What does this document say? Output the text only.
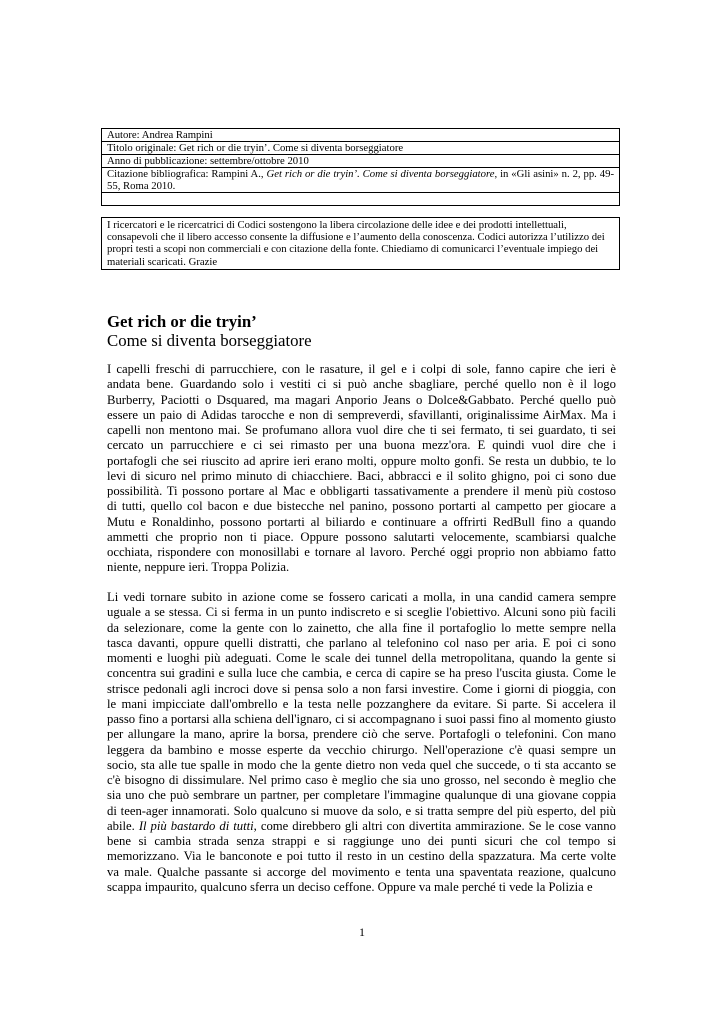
Autore: Andrea Rampini
Titolo originale: Get rich or die tryin’. Come si diventa borseggiatore
Anno di pubblicazione: settembre/ottobre 2010
Citazione bibliografica: Rampini A., Get rich or die tryin’. Come si diventa borseggiatore, in «Gli asini» n. 2, pp. 49-
55, Roma 2010.
I ricercatori e le ricercatrici di Codici sostengono la libera circolazione delle idee e dei prodotti intellettuali,
consapevoli che il libero accesso consente la diffusione e l’aumento della conoscenza. Codici autorizza l’utilizzo dei
propri testi a scopi non commerciali e con citazione della fonte. Chiediamo di comunicarci l’eventuale impiego dei
materiali scaricati. Grazie
Get rich or die tryin’
Come si diventa borseggiatore
I capelli freschi di parrucchiere, con le rasature, il gel e i colpi di sole, fanno capire che ieri è
andata bene. Guardando solo i vestiti ci si può anche sbagliare, perché quello non è il logo
Burberry, Paciotti o Dsquared, ma magari Anporio Jeans o Dolce&Gabbato. Perché quello può
essere un paio di Adidas tarocche e non di sempreverdi, sfavillanti, originalissime AirMax. Ma i
capelli non mentono mai. Se profumano allora vuol dire che ti sei fermato, ti sei guardato, ti sei
cercato un parrucchiere e ci sei rimasto per una buona mezz'ora. E quindi vuol dire che i
portafogli che sei riuscito ad aprire ieri erano molti, oppure molto gonfi. Se resta un dubbio, te lo
levi di sicuro nel primo minuto di chiacchiere. Baci, abbracci e il solito ghigno, poi ci sono due
possibilità. Ti possono portare al Mac e obbligarti tassativamente a prendere il menù più costoso
di tutti, quello col bacon e due bistecche nel panino, possono portarti al campetto per giocare a
Mutu e Ronaldinho, possono portarti al biliardo e continuare a offrirti RedBull fino a quando
ammetti che proprio non ti piace. Oppure possono salutarti velocemente, scambiarsi qualche
occhiata, rispondere con monosillabi e tornare al lavoro. Perché oggi proprio non abbiamo fatto
niente, neppure ieri. Troppa Polizia.
Li vedi tornare subito in azione come se fossero caricati a molla, in una candid camera sempre
uguale a se stessa. Ci si ferma in un punto indiscreto e si sceglie l'obiettivo. Alcuni sono più facili
da selezionare, come la gente con lo zainetto, che alla fine il portafoglio lo mette sempre nella
tasca davanti, oppure quelli distratti, che parlano al telefonino col naso per aria. E poi ci sono
momenti e luoghi più adeguati. Come le scale dei tunnel della metropolitana, quando la gente si
concentra sui gradini e sulla luce che cambia, e cerca di capire se ha preso l'uscita giusta. Come le
strisce pedonali agli incroci dove si pensa solo a non farsi investire. Come i giorni di pioggia, con
le mani impicciate dall'ombrello e la testa nelle pozzanghere da evitare. Si parte. Si accelera il
passo fino a portarsi alla schiena dell'ignaro, ci si accompagnano i suoi passi fino al momento giusto
per allungare la mano, aprire la borsa, prendere ciò che serve. Portafogli o telefonini. Con mano
leggera da bambino e mosse esperte da vecchio chirurgo. Nell'operazione c'è quasi sempre un
socio, sta alle tue spalle in modo che la gente dietro non veda quel che succede, o ti sta accanto se
c'è bisogno di dissimulare. Nel primo caso è meglio che sia uno grosso, nel secondo è meglio che
sia uno che può sembrare un partner, per completare l'immagine qualunque di una giovane coppia
di teen-ager innamorati. Solo qualcuno si muove da solo, e si tratta sempre del più esperto, del più
abile. Il più bastardo di tutti, come direbbero gli altri con divertita ammirazione. Se le cose vanno
bene si cambia strada senza strappi e si raggiunge uno dei punti sicuri che col tempo si
memorizzano. Via le banconote e poi tutto il resto in un cestino della spazzatura. Ma certe volte
va male. Qualche passante si accorge del movimento e tenta una spaventata reazione, qualcuno
scappa impaurito, qualcuno sferra un deciso ceffone. Oppure va male perché ti vede la Polizia e
1
